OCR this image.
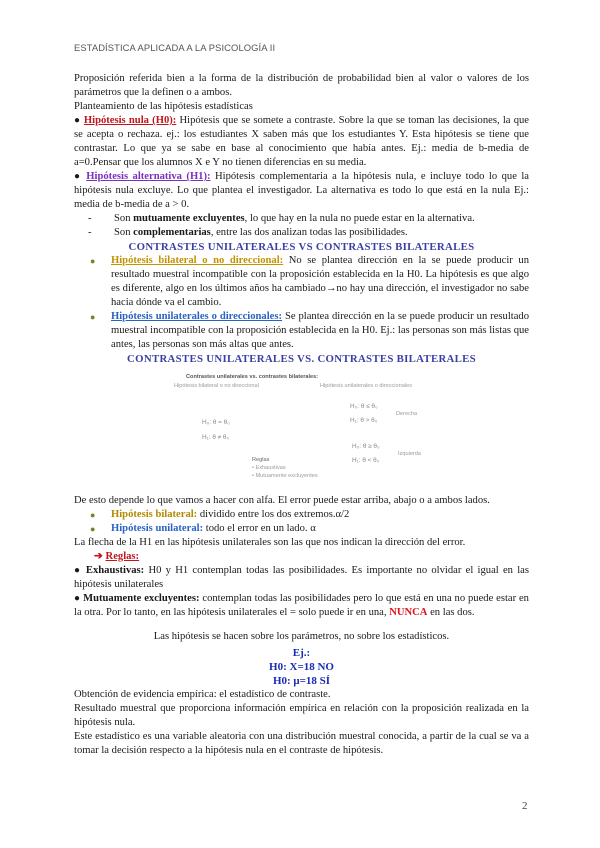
ESTADÍSTICA APLICADA A LA PSICOLOGÍA II

Proposición referida bien a la forma de la distribución de probabilidad bien al valor o valores de los parámetros que la definen o a ambos.

Planteamiento de las hipótesis estadísticas

● Hipótesis nula (H0): Hipótesis que se somete a contraste. Sobre la que se toman las decisiones, la que se acepta o rechaza. ej.: los estudiantes X saben más que los estudiantes Y. Esta hipótesis se tiene que contrastar. Lo que ya se sabe en base al conocimiento que había antes. Ej.: media de b-media de a=0.Pensar que los alumnos X e Y no tienen diferencias en su media.

● Hipótesis alternativa (H1): Hipótesis complementaria a la hipótesis nula, e incluye todo lo que la hipótesis nula excluye. Lo que plantea el investigador. La alternativa es todo lo que está en la nula Ej.: media de b-media de a > 0.

-	Son mutuamente excluyentes, lo que hay en la nula no puede estar en la alternativa.
-	Son complementarias, entre las dos analizan todas las posibilidades.

CONTRASTES UNILATERALES VS CONTRASTES BILATERALES

●	Hipótesis bilateral o no direccional: No se plantea dirección en la se puede producir un resultado muestral incompatible con la proposición establecida en la H0. La hipótesis es que algo es diferente, algo en los últimos años ha cambiado→no hay una dirección, el investigador no sabe hacia dónde va el cambio.
●	Hipótesis unilaterales o direccionales: Se plantea dirección en la se puede producir un resultado muestral incompatible con la proposición establecida en la H0. Ej.: las personas son más listas que antes, las personas son más altas que antes.

CONTRASTES UNILATERALES VS. CONTRASTES BILATERALES

Contrastes unilaterales vs. contrastes bilaterales:
Hipótesis bilateral o no direccional	Hipótesis unilaterales o direccionales
H₀: θ ≤ θ₀
H₁: θ > θ₀
Derecha
H₀: θ = θ₀
H₁: θ ≠ θ₀
H₀: θ ≥ θ₀
H₁: θ < θ₀
Izquierda
Reglas
• Exhaustivas
• Mutuamente excluyentes

De esto depende lo que vamos a hacer con alfa. El error puede estar arriba, abajo o a ambos lados.

●	Hipótesis bilateral: dividido entre los dos extremos.α/2
●	Hipótesis unilateral: todo el error en un lado. α

La flecha de la H1 en las hipótesis unilaterales son las que nos indican la dirección del error.

➔ Reglas:

● Exhaustivas: H0 y H1 contemplan todas las posibilidades. Es importante no olvidar el igual en las hipótesis unilaterales

● Mutuamente excluyentes: contemplan todas las posibilidades pero lo que está en una no puede estar en la otra. Por lo tanto, en las hipótesis unilaterales el = solo puede ir en una, NUNCA en las dos.

Las hipótesis se hacen sobre los parámetros, no sobre los estadísticos.

Ej.:

H0: X=18 NO

H0: μ=18 SÍ

Obtención de evidencia empírica: el estadístico de contraste.

Resultado muestral que proporciona información empírica en relación con la proposición realizada en la hipótesis nula.

Este estadístico es una variable aleatoria con una distribución muestral conocida, a partir de la cual se va a tomar la decisión respecto a la hipótesis nula en el contraste de hipótesis.

2
